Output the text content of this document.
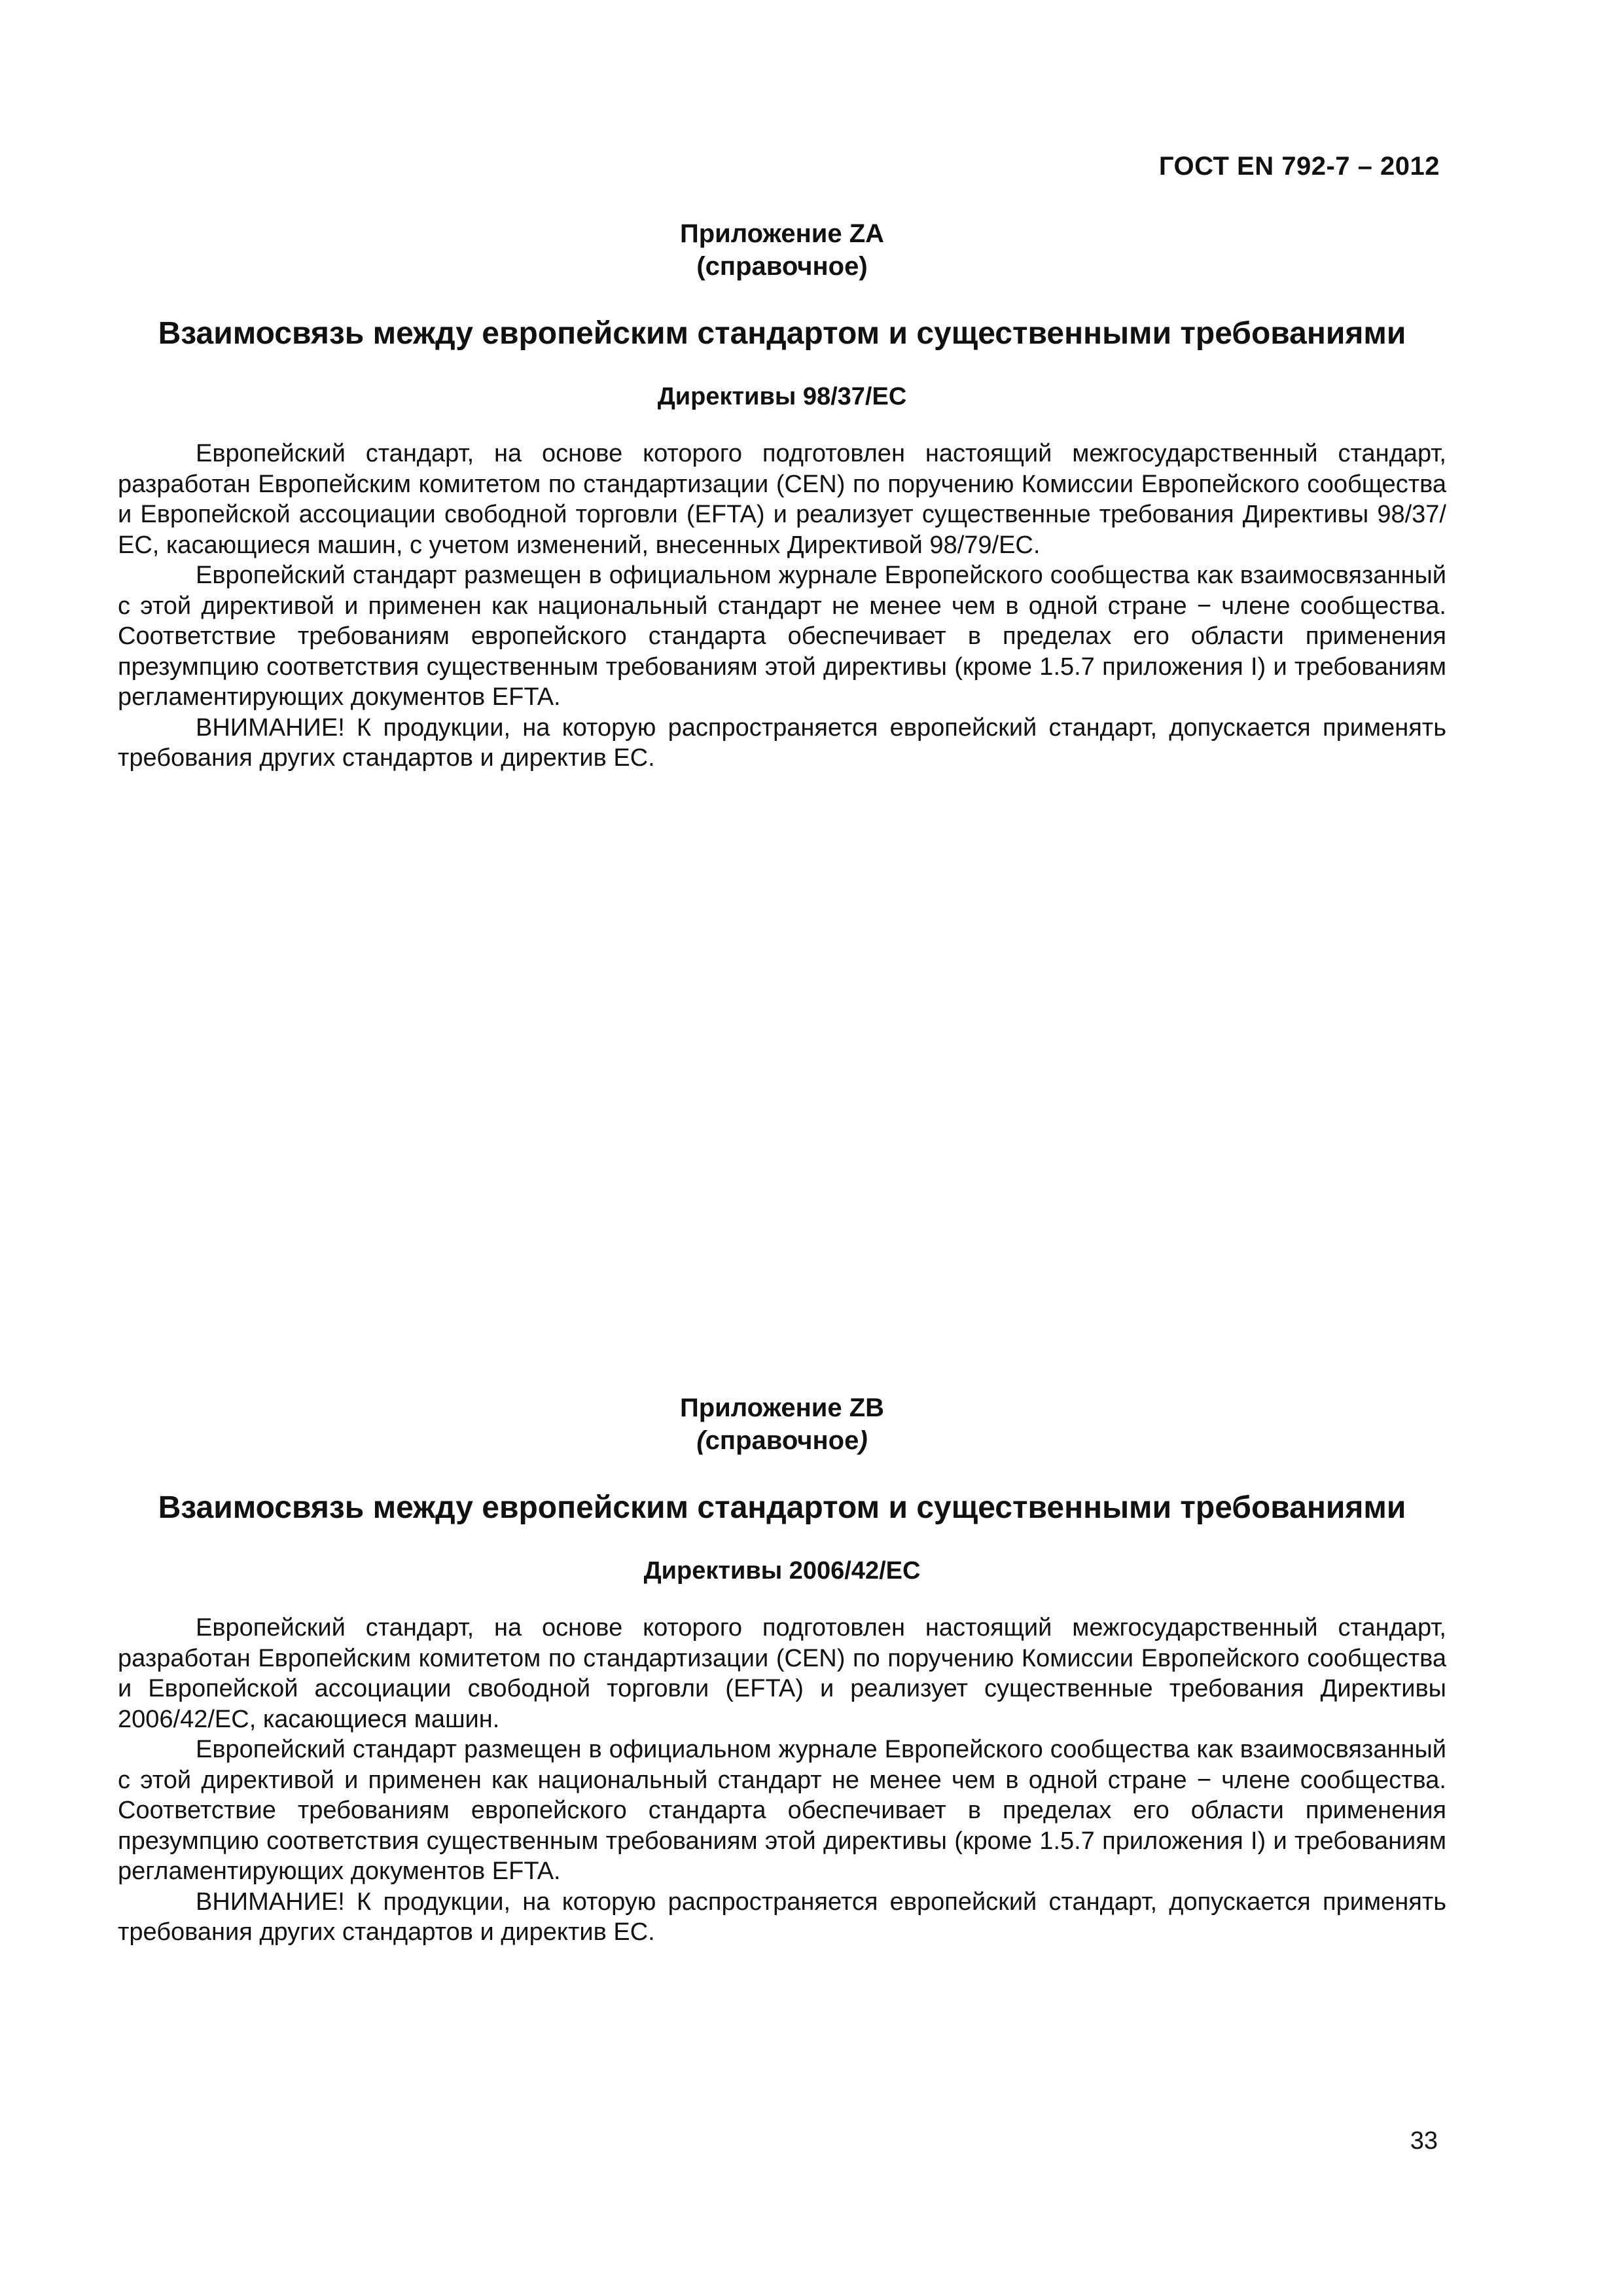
ГОСТ EN 792-7 – 2012
Приложение ZA
(справочное)
Взаимосвязь между европейским стандартом и существенными требованиями
Директивы 98/37/ЕС

Европейский стандарт, на основе которого подготовлен настоящий межгосударственный стандарт, разработан Европейским комитетом по стандартизации (CEN) по поручению Комиссии Европейского сообщества и Европейской ассоциации свободной торговли (EFTA) и реализует существенные требования Директивы 98/37/ЕС, касающиеся машин, с учетом изменений, внесенных Директивой 98/79/ЕС.

Европейский стандарт размещен в официальном журнале Европейского сообщества как взаимосвязанный с этой директивой и применен как национальный стандарт не менее чем в одной стране − члене сообщества. Соответствие требованиям европейского стандарта обеспечивает в пределах его области применения презумпцию соответствия существенным требованиям этой директивы (кроме 1.5.7 приложения I) и требованиям регламентирующих документов EFTA.

ВНИМАНИЕ! К продукции, на которую распространяется европейский стандарт, допускается применять требования других стандартов и директив ЕС.

Приложение ZB
(справочное)
Взаимосвязь между европейским стандартом и существенными требованиями
Директивы 2006/42/ЕС

Европейский стандарт, на основе которого подготовлен настоящий межгосударственный стандарт, разработан Европейским комитетом по стандартизации (CEN) по поручению Комиссии Европейского сообщества и Европейской ассоциации свободной торговли (EFTA) и реализует существенные требования Директивы 2006/42/ЕС, касающиеся машин.

Европейский стандарт размещен в официальном журнале Европейского сообщества как взаимосвязанный с этой директивой и применен как национальный стандарт не менее чем в одной стране − члене сообщества. Соответствие требованиям европейского стандарта обеспечивает в пределах его области применения презумпцию соответствия существенным требованиям этой директивы (кроме 1.5.7 приложения I) и требованиям регламентирующих документов EFTA.

ВНИМАНИЕ! К продукции, на которую распространяется европейский стандарт, допускается применять требования других стандартов и директив ЕС.

33
